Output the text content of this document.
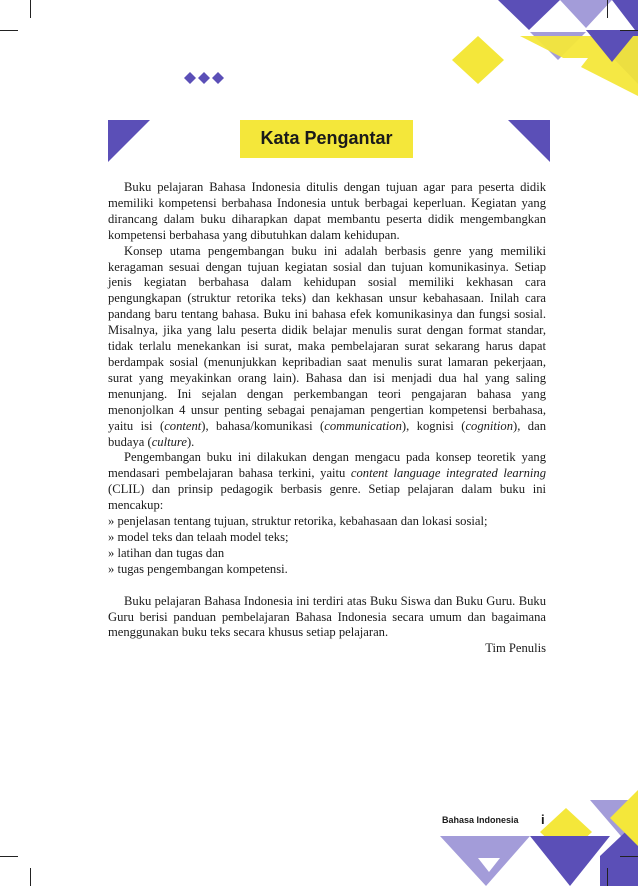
Kata Pengantar

Buku pelajaran Bahasa Indonesia ditulis dengan tujuan agar para peserta didik memiliki kompetensi berbahasa Indonesia untuk berbagai keperluan. Kegiatan yang dirancang dalam buku diharapkan dapat membantu peserta didik mengembangkan kompetensi berbahasa yang dibutuhkan dalam kehidupan.

Konsep utama pengembangan buku ini adalah berbasis genre yang memiliki keragaman sesuai dengan tujuan kegiatan sosial dan tujuan komunikasinya. Setiap jenis kegiatan berbahasa dalam kehidupan sosial memiliki kekhasan cara pengungkapan (struktur retorika teks) dan kekhasan unsur kebahasaan. Inilah cara pandang baru tentang bahasa. Buku ini bahasa efek komunikasinya dan fungsi sosial. Misalnya, jika yang lalu peserta didik belajar menulis surat dengan format standar, tidak terlalu menekankan isi surat, maka pembelajaran surat sekarang harus dapat berdampak sosial (menunjukkan kepribadian saat menulis surat lamaran pekerjaan, surat yang meyakinkan orang lain). Bahasa dan isi menjadi dua hal yang saling menunjang. Ini sejalan dengan perkembangan teori pengajaran bahasa yang menonjolkan 4 unsur penting sebagai penajaman pengertian kompetensi berbahasa, yaitu isi (content), bahasa/komunikasi (communication), kognisi (cognition), dan budaya (culture).

Pengembangan buku ini dilakukan dengan mengacu pada konsep teoretik yang mendasari pembelajaran bahasa terkini, yaitu content language integrated learning (CLIL) dan prinsip pedagogik berbasis genre. Setiap pelajaran dalam buku ini mencakup:

» penjelasan tentang tujuan, struktur retorika, kebahasaan dan lokasi sosial;

» model teks dan telaah model teks;

» latihan dan tugas dan

» tugas pengembangan kompetensi.

Buku pelajaran Bahasa Indonesia ini terdiri atas Buku Siswa dan Buku Guru. Buku Guru berisi panduan pembelajaran Bahasa Indonesia secara umum dan bagaimana menggunakan buku teks secara khusus setiap pelajaran.

Tim Penulis

Bahasa Indonesia i
